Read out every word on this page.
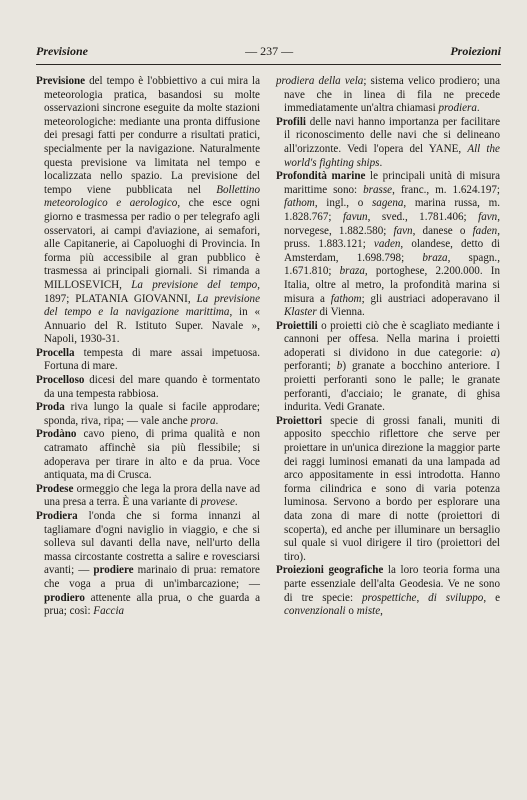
Previsione	— 237 —	Proiezioni

Previsione del tempo è l'obbiettivo a cui mira la meteorologia pratica, basandosi su molte osservazioni sincrone eseguite da molte stazioni meteorologiche: mediante una pronta diffusione dei presagi fatti per condurre a risultati pratici, specialmente per la navigazione. Naturalmente questa previsione va limitata nel tempo e localizzata nello spazio. La previsione del tempo viene pubblicata nel Bollettino meteorologico e aerologico, che esce ogni giorno e trasmessa per radio o per telegrafo agli osservatori, ai campi d'aviazione, ai semafori, alle Capitanerie, ai Capoluoghi di Provincia. In forma più accessibile al gran pubblico è trasmessa ai principali giornali. Si rimanda a MILLOSEVICH, La previsione del tempo, 1897; PLATANIA GIOVANNI, La previsione del tempo e la navigazione marittima, in « Annuario del R. Istituto Super. Navale », Napoli, 1930-31.

Procella tempesta di mare assai impetuosa. Fortuna di mare.

Procelloso dicesi del mare quando è tormentato da una tempesta rabbiosa.

Proda riva lungo la quale si facile approdare; sponda, riva, ripa; — vale anche prora.

Prodàno cavo pieno, di prima qualità e non catramato affinchè sia più flessibile; si adoperava per tirare in alto e da prua. Voce antiquata, ma di Crusca.

Prodese ormeggio che lega la prora della nave ad una presa a terra. È una variante di provese.

Prodiera l'onda che si forma innanzi al tagliamare d'ogni naviglio in viaggio, e che si solleva sul davanti della nave, nell'urto della massa circostante costretta a salire e rovesciarsi avanti; — prodiere marinaio di prua: rematore che voga a prua di un'imbarcazione; — prodiero attenente alla prua, o che guarda a prua; così: Faccia

prodiera della vela; sistema velico prodiero; una nave che in linea di fila ne precede immediatamente un'altra chiamasi prodiera.

Profili delle navi hanno importanza per facilitare il riconoscimento delle navi che si delineano all'orizzonte. Vedi l'opera del YANE, All the world's fighting ships.

Profondità marine le principali unità di misura marittime sono: brasse, franc., m. 1.624.197; fathom, ingl., o sagena, marina russa, m. 1.828.767; favun, sved., 1.781.406; favn, norvegese, 1.882.580; favn, danese o faden, pruss. 1.883.121; vaden, olandese, detto di Amsterdam, 1.698.798; braza, spagn., 1.671.810; braza, portoghese, 2.200.000. In Italia, oltre al metro, la profondità marina si misura a fathom; gli austriaci adoperavano il Klaster di Vienna.

Proiettili o proietti ciò che è scagliato mediante i cannoni per offesa. Nella marina i proietti adoperati si dividono in due categorie: a) perforanti; b) granate a bocchino anteriore. I proietti perforanti sono le palle; le granate perforanti, d'acciaio; le granate, di ghisa indurita. Vedi Granate.

Proiettori specie di grossi fanali, muniti di apposito specchio riflettore che serve per proiettare in un'unica direzione la maggior parte dei raggi luminosi emanati da una lampada ad arco appositamente in essi introdotta. Hanno forma cilindrica e sono di varia potenza luminosa. Servono a bordo per esplorare una data zona di mare di notte (proiettori di scoperta), ed anche per illuminare un bersaglio sul quale si vuol dirigere il tiro (proiettori del tiro).

Proiezioni geografiche la loro teoria forma una parte essenziale dell'alta Geodesia. Ve ne sono di tre specie: prospettiche, di sviluppo, e convenzionali o miste,
